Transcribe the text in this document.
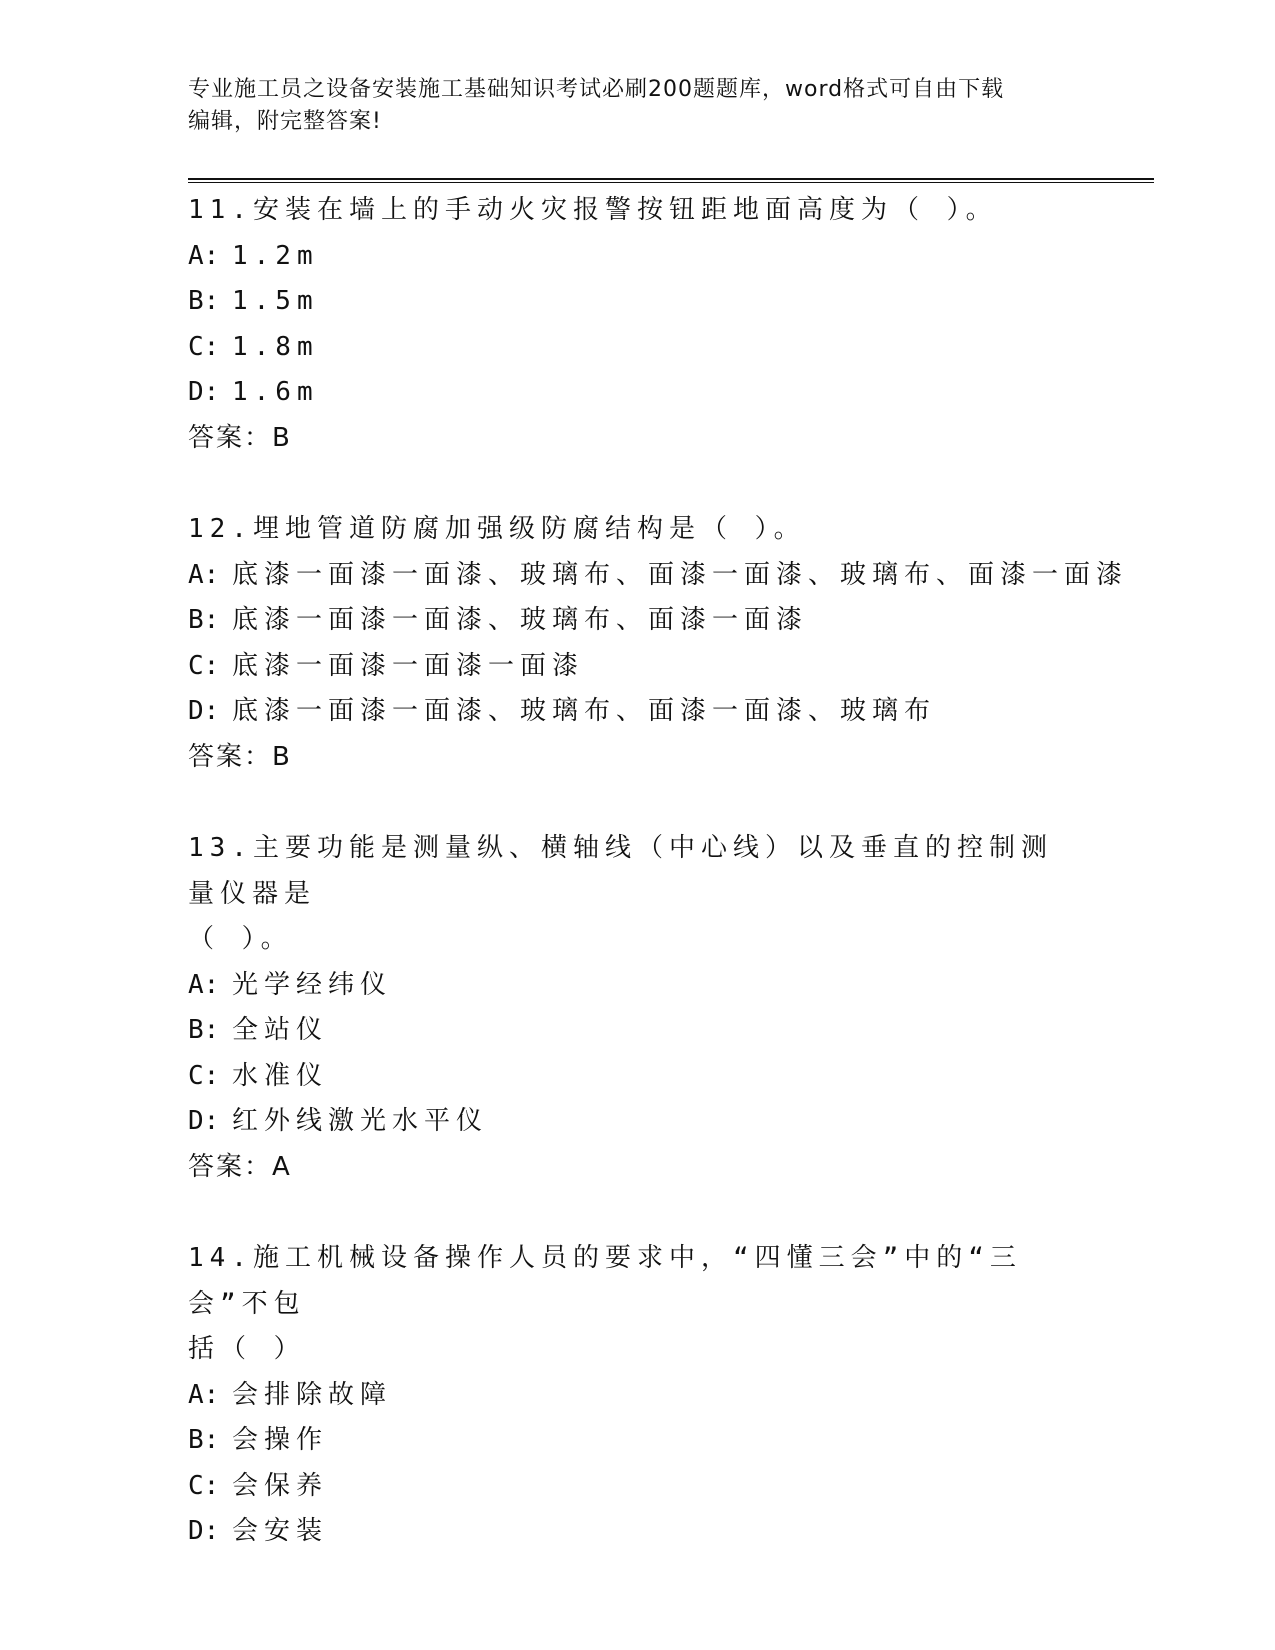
专业施工员之设备安装施工基础知识考试必刷200题题库，word格式可自由下载
编辑，附完整答案!
11.安装在墙上的手动火灾报警按钮距地面高度为（ ）。
A: 1.2m
B: 1.5m
C: 1.8m
D: 1.6m
答案：B
12.埋地管道防腐加强级防腐结构是（ ）。
A: 底漆一面漆一面漆、玻璃布、面漆一面漆、玻璃布、面漆一面漆
B: 底漆一面漆一面漆、玻璃布、面漆一面漆
C: 底漆一面漆一面漆一面漆
D: 底漆一面漆一面漆、玻璃布、面漆一面漆、玻璃布
答案：B
13.主要功能是测量纵、横轴线（中心线）以及垂直的控制测量仪器是
（ ）。
A: 光学经纬仪
B: 全站仪
C: 水准仪
D: 红外线激光水平仪
答案：A
14.施工机械设备操作人员的要求中，“四懂三会”中的“三会”不包
括（ ）
A: 会排除故障
B: 会操作
C: 会保养
D: 会安装
